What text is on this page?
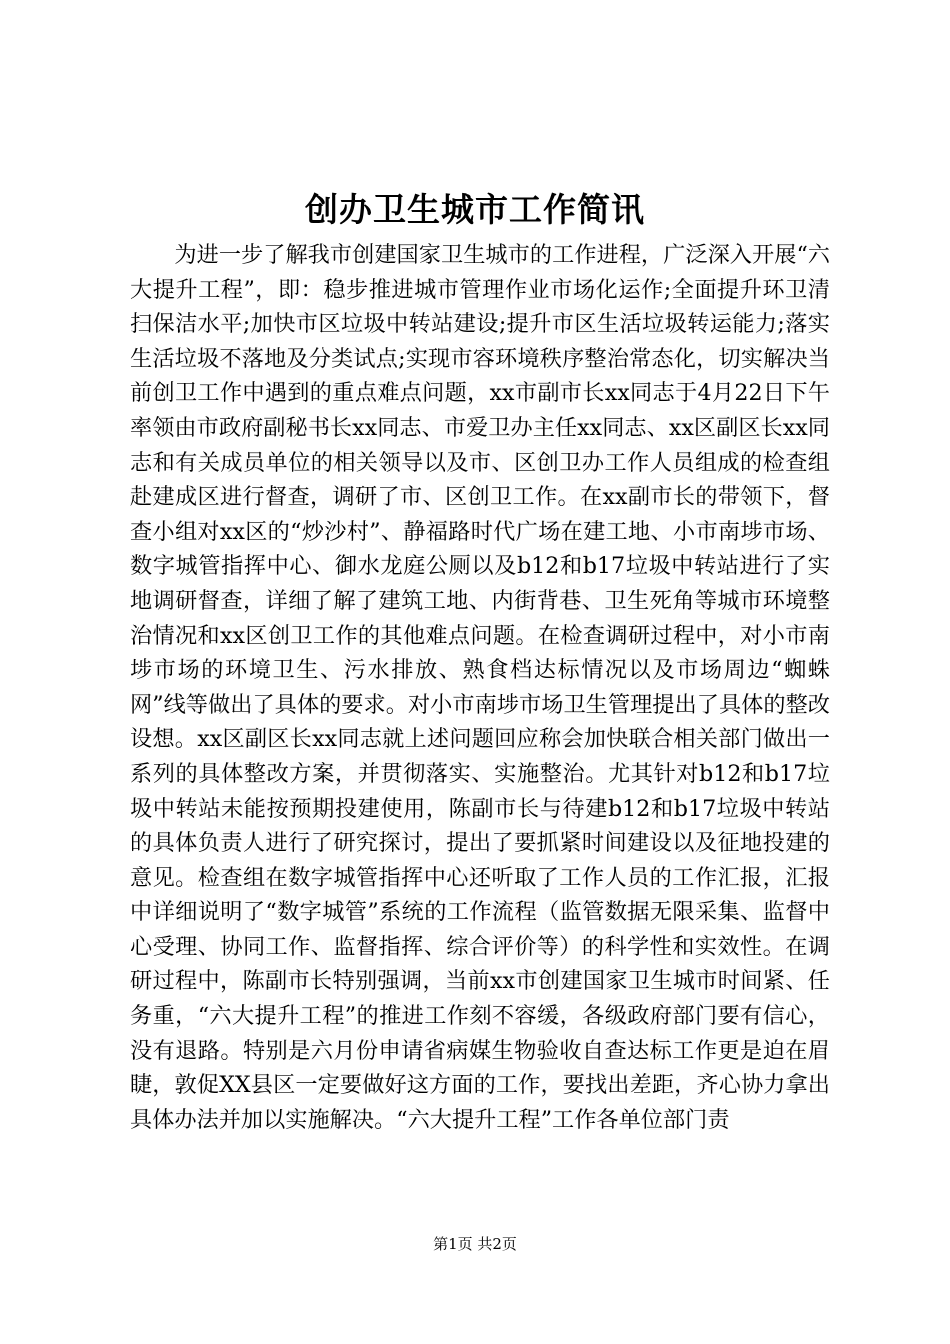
创办卫生城市工作简讯

为进一步了解我市创建国家卫生城市的工作进程，广泛深入开展“六大提升工程”，即：稳步推进城市管理作业市场化运作;全面提升环卫清扫保洁水平;加快市区垃圾中转站建设;提升市区生活垃圾转运能力;落实生活垃圾不落地及分类试点;实现市容环境秩序整治常态化，切实解决当前创卫工作中遇到的重点难点问题，xx市副市长xx同志于4月22日下午率领由市政府副秘书长xx同志、市爱卫办主任xx同志、xx区副区长xx同志和有关成员单位的相关领导以及市、区创卫办工作人员组成的检查组赴建成区进行督查，调研了市、区创卫工作。在xx副市长的带领下，督查小组对xx区的“炒沙村”、静福路时代广场在建工地、小市南埗市场、数字城管指挥中心、御水龙庭公厕以及b12和b17垃圾中转站进行了实地调研督查，详细了解了建筑工地、内街背巷、卫生死角等城市环境整治情况和xx区创卫工作的其他难点问题。在检查调研过程中，对小市南埗市场的环境卫生、污水排放、熟食档达标情况以及市场周边“蜘蛛网”线等做出了具体的要求。对小市南埗市场卫生管理提出了具体的整改设想。xx区副区长xx同志就上述问题回应称会加快联合相关部门做出一系列的具体整改方案，并贯彻落实、实施整治。尤其针对b12和b17垃圾中转站未能按预期投建使用，陈副市长与待建b12和b17垃圾中转站的具体负责人进行了研究探讨，提出了要抓紧时间建设以及征地投建的意见。检查组在数字城管指挥中心还听取了工作人员的工作汇报，汇报中详细说明了“数字城管”系统的工作流程（监管数据无限采集、监督中心受理、协同工作、监督指挥、综合评价等）的科学性和实效性。在调研过程中，陈副市长特别强调，当前xx市创建国家卫生城市时间紧、任务重，“六大提升工程”的推进工作刻不容缓，各级政府部门要有信心，没有退路。特别是六月份申请省病媒生物验收自查达标工作更是迫在眉睫，敦促XX县区一定要做好这方面的工作，要找出差距，齐心协力拿出具体办法并加以实施解决。“六大提升工程”工作各单位部门责

第1页 共2页
